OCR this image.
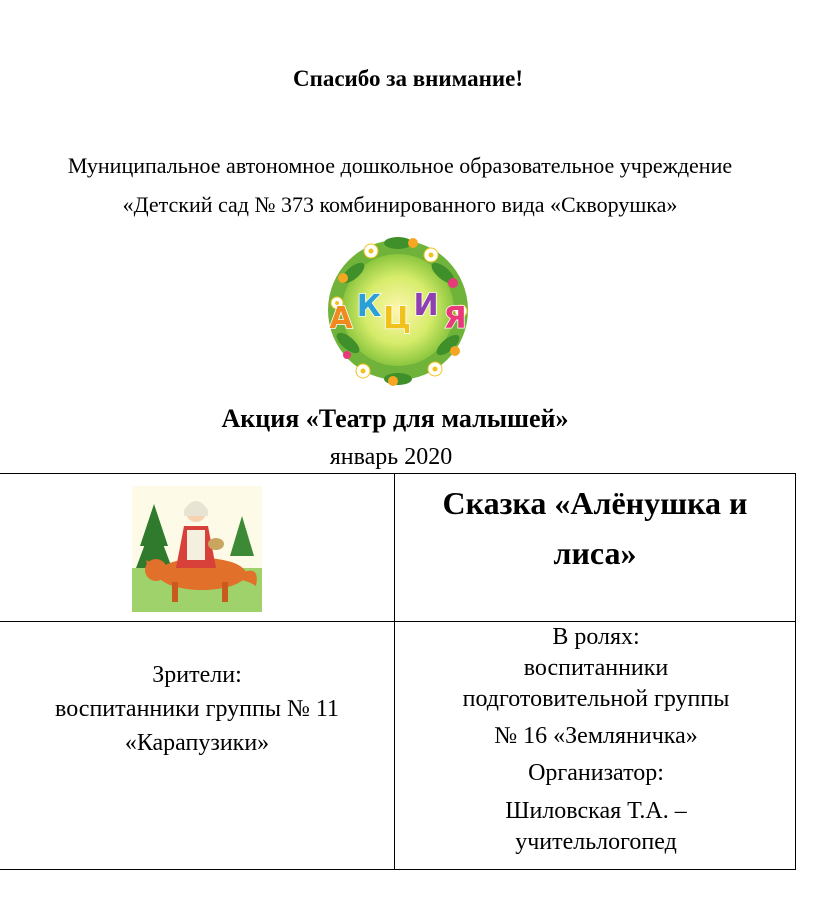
Спасибо за внимание!
Муниципальное автономное дошкольное образовательное учреждение
«Детский сад № 373 комбинированного вида «Скворушка»
А К Ц И Я
Акция «Театр для малышей»
январь 2020
Сказка «Алёнушка и
лиса»
Зрители:
воспитанники группы № 11
«Карапузики»
В ролях:
воспитанники
подготовительной группы
№ 16 «Земляничка»
Организатор:
Шиловская Т.А. –
учительлогопед
